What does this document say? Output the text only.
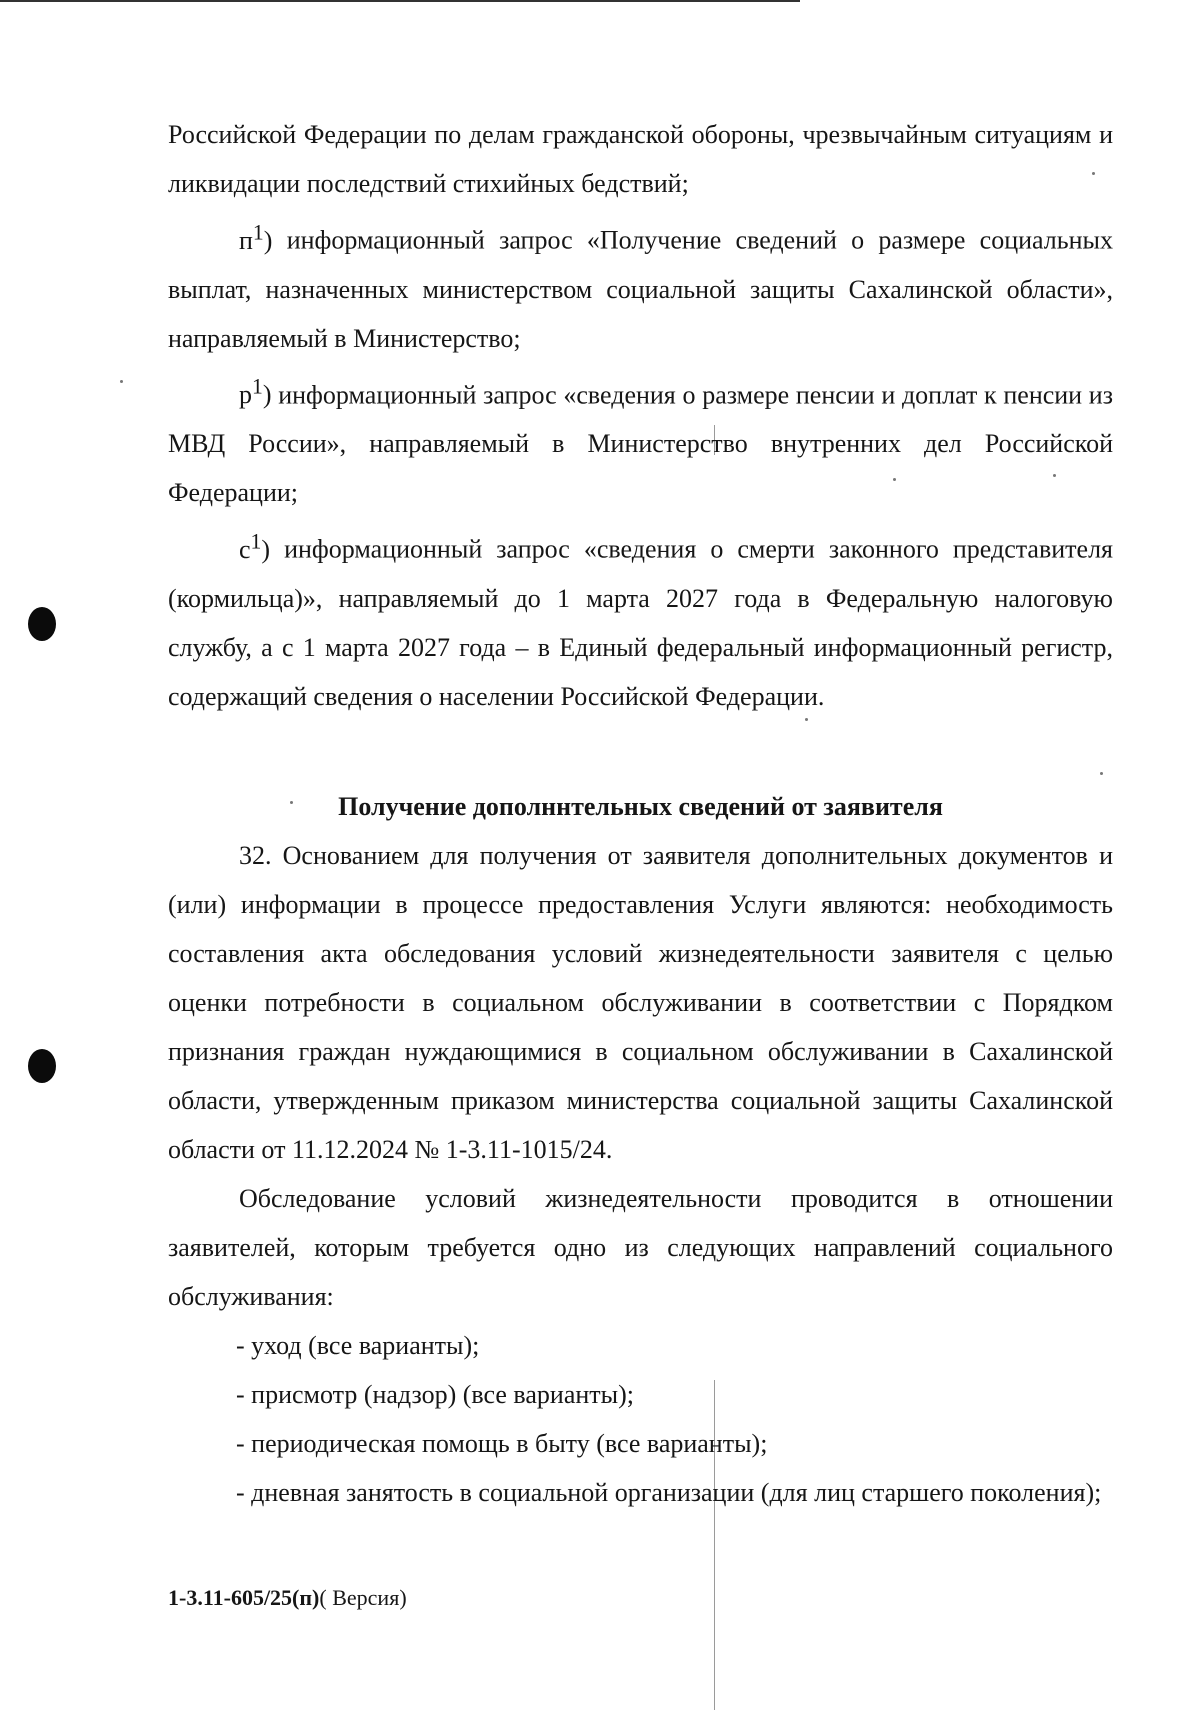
Российской Федерации по делам гражданской обороны, чрезвычайным ситуациям и ликвидации последствий стихийных бедствий;

$п^1$) информационный запрос «Получение сведений о размере социальных выплат, назначенных министерством социальной защиты Сахалинской области», направляемый в Министерство;

$р^1$) информационный запрос «сведения о размере пенсии и доплат к пенсии из МВД России», направляемый в Министерство внутренних дел Российской Федерации;

$с^1$) информационный запрос «сведения о смерти законного представителя (кормильца)», направляемый до 1 марта 2027 года в Федеральную налоговую службу, а с 1 марта 2027 года – в Единый федеральный информационный регистр, содержащий сведения о населении Российской Федерации.

Получение дополннтельных сведений от заявителя

32. Основанием для получения от заявителя дополнительных документов и (или) информации в процессе предоставления Услуги являются: необходимость составления акта обследования условий жизнедеятельности заявителя с целью оценки потребности в социальном обслуживании в соответствии с Порядком признания граждан нуждающимися в социальном обслуживании в Сахалинской области, утвержденным приказом министерства социальной защиты Сахалинской области от 11.12.2024 № 1-3.11-1015/24.

Обследование условий жизнедеятельности проводится в отношении заявителей, которым требуется одно из следующих направлений социального обслуживания:

- уход (все варианты);

- присмотр (надзор) (все варианты);

- периодическая помощь в быту (все варианты);

- дневная занятость в социальной организации (для лиц старшего поколения);

1-3.11-605/25(п)( Версия)
